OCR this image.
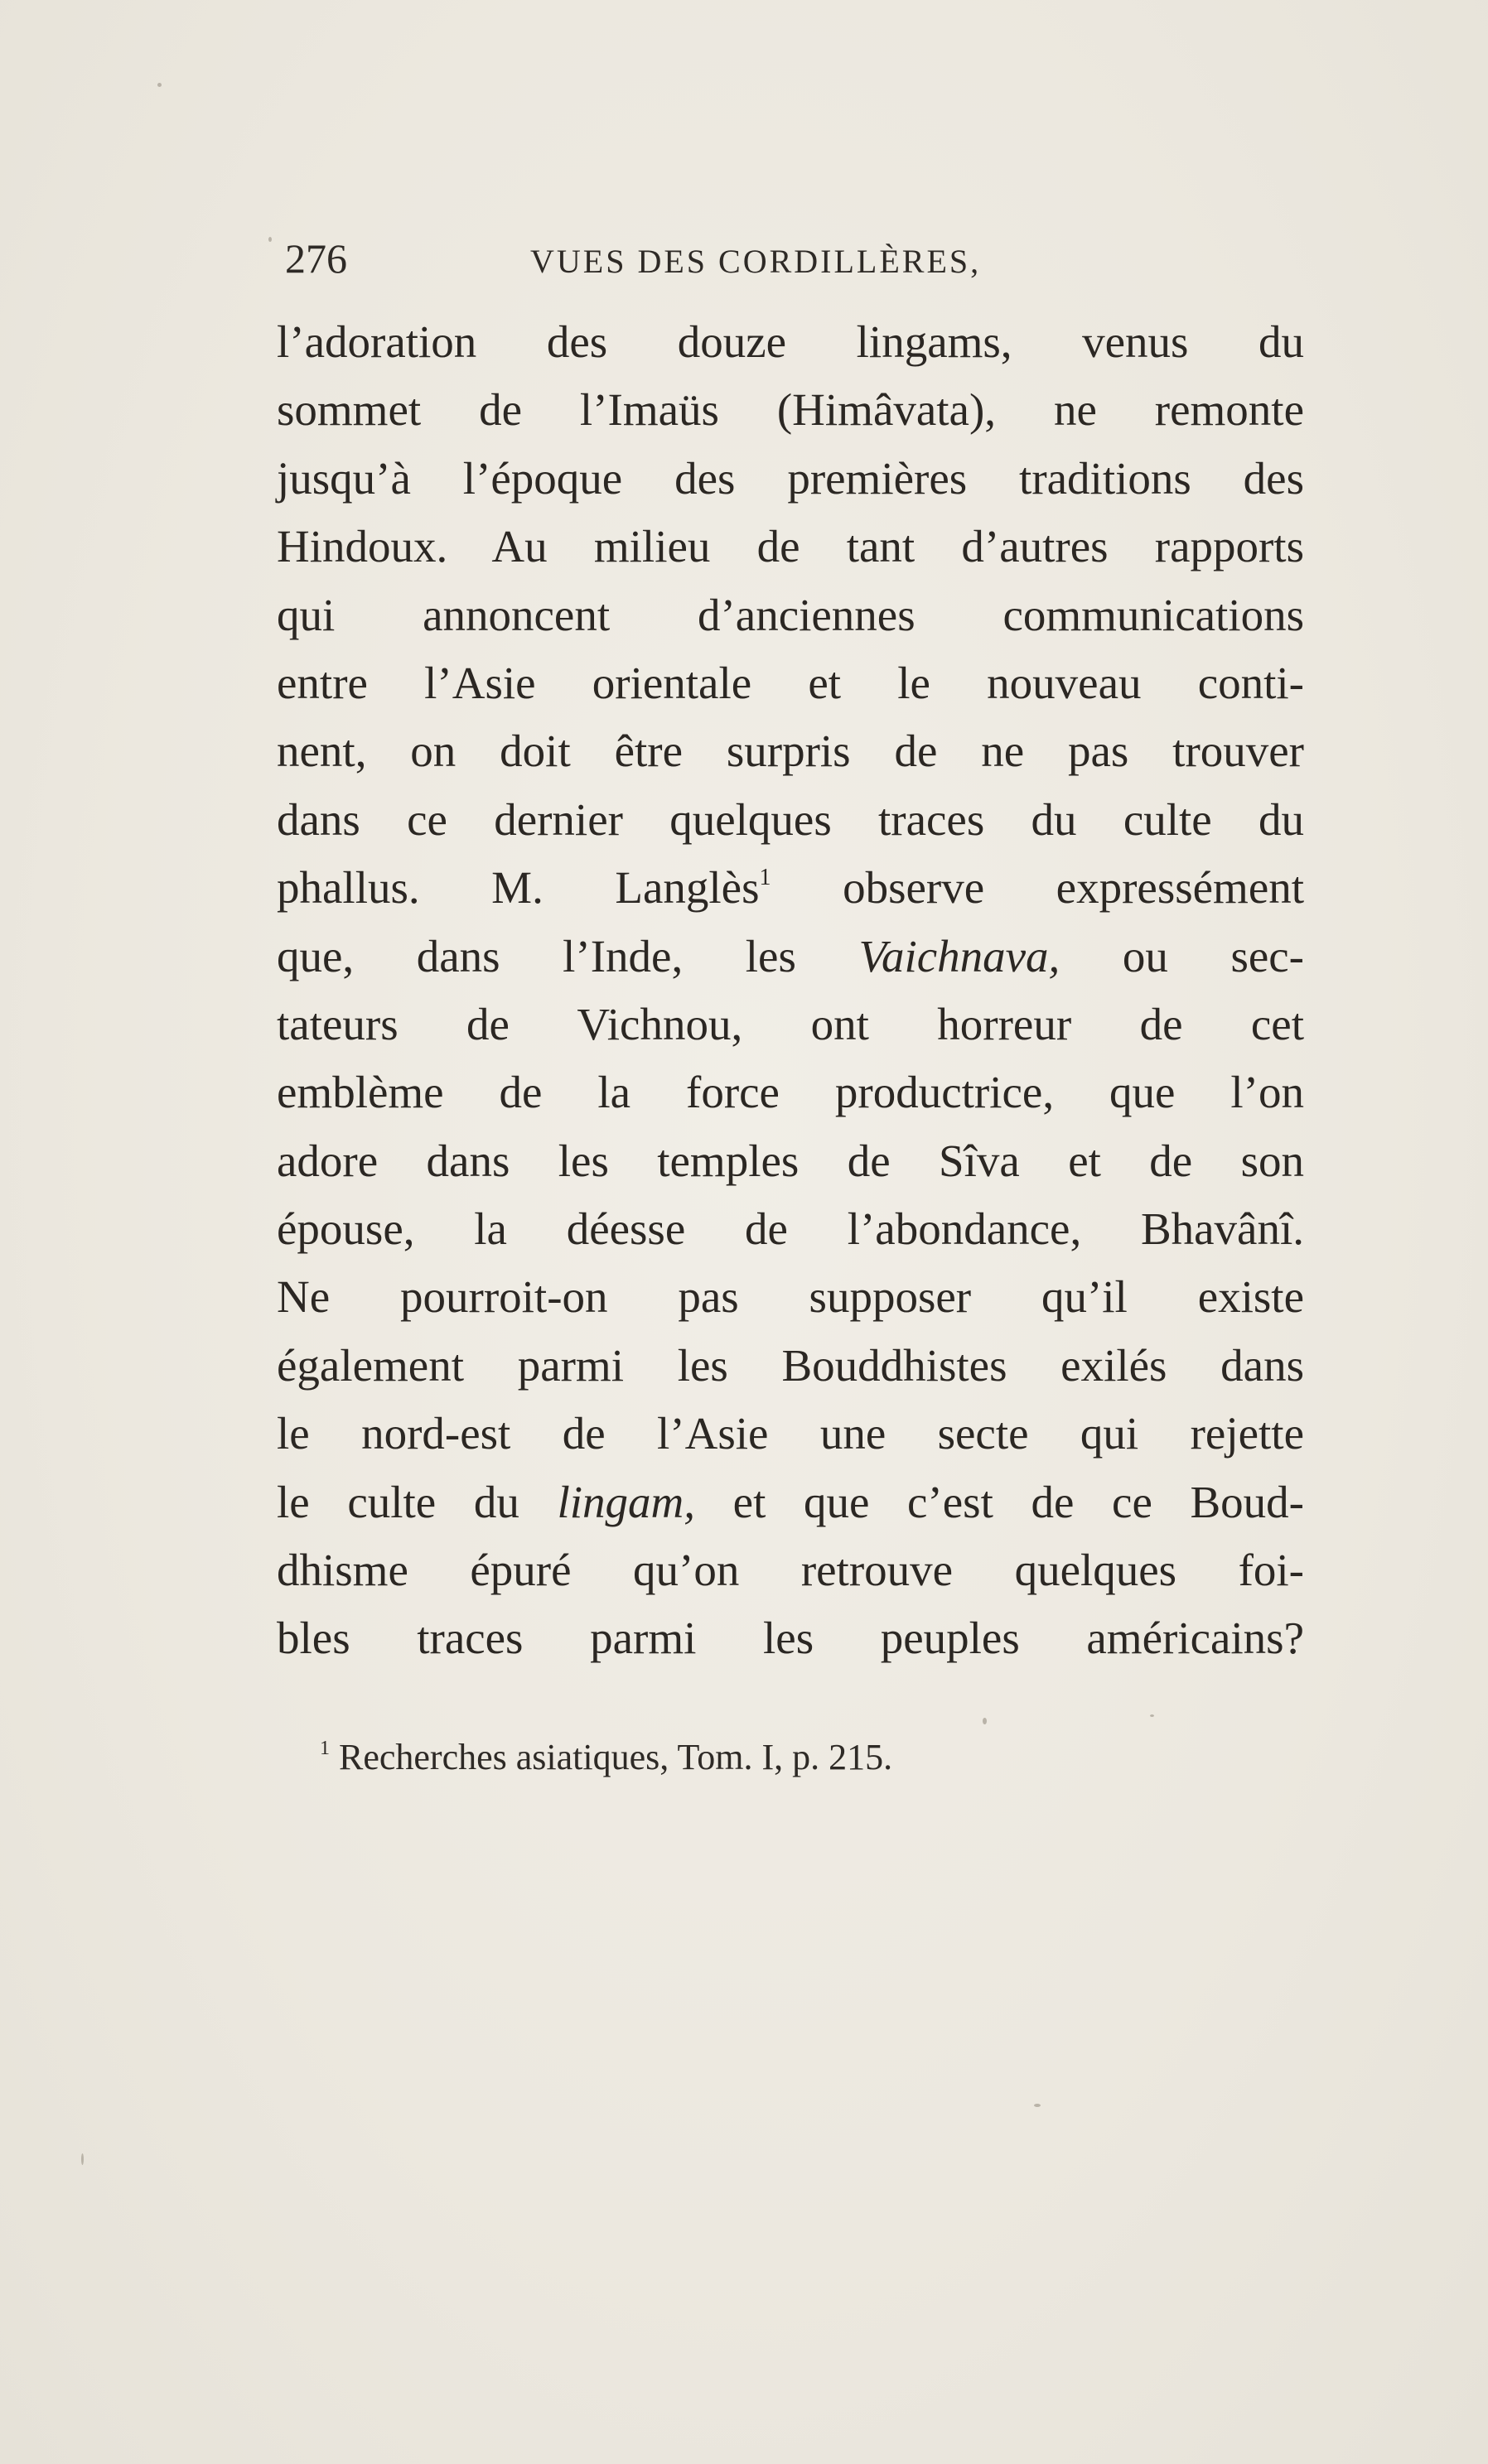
276	VUES DES CORDILLÈRES,
l’adoration des douze lingams, venus du
sommet de l’Imaüs (Himâvata), ne remonte
jusqu’à l’époque des premières traditions des
Hindoux. Au milieu de tant d’autres rapports
qui annoncent d’anciennes communications
entre l’Asie orientale et le nouveau conti-
nent, on doit être surpris de ne pas trouver
dans ce dernier quelques traces du culte du
phallus. M. Langlès$^1$ observe expressément
que, dans l’Inde, les Vaichnava, ou sec-
tateurs de Vichnou, ont horreur de cet
emblème de la force productrice, que l’on
adore dans les temples de Sîva et de son
épouse, la déesse de l’abondance, Bhavânî.
Ne pourroit-on pas supposer qu’il existe
également parmi les Bouddhistes exilés dans
le nord-est de l’Asie une secte qui rejette
le culte du lingam, et que c’est de ce Boud-
dhisme épuré qu’on retrouve quelques foi-
bles traces parmi les peuples américains?
$^1$ Recherches asiatiques, Tom. I, p. 215.
